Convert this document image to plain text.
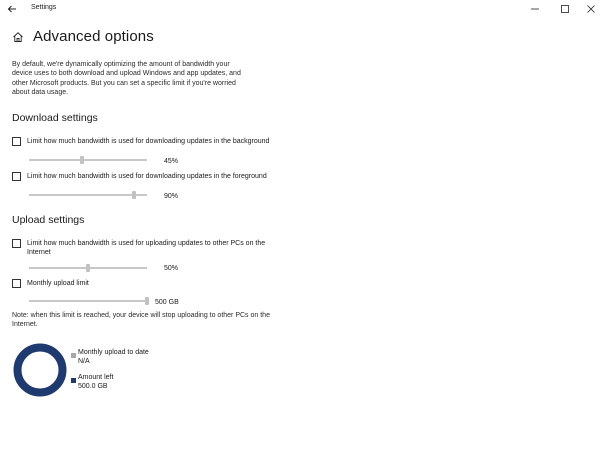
Settings
Advanced options
By default, we're dynamically optimizing the amount of bandwidth your device uses to both download and upload Windows and app updates, and other Microsoft products. But you can set a specific limit if you're worried about data usage.
Download settings
Limit how much bandwidth is used for downloading updates in the background
45%
Limit how much bandwidth is used for downloading updates in the foreground
90%
Upload settings
Limit how much bandwidth is used for uploading updates to other PCs on the Internet
50%
Monthly upload limit
500 GB
Note: when this limit is reached, your device will stop uploading to other PCs on the Internet.
Monthly upload to date
N/A
Amount left
500.0 GB
